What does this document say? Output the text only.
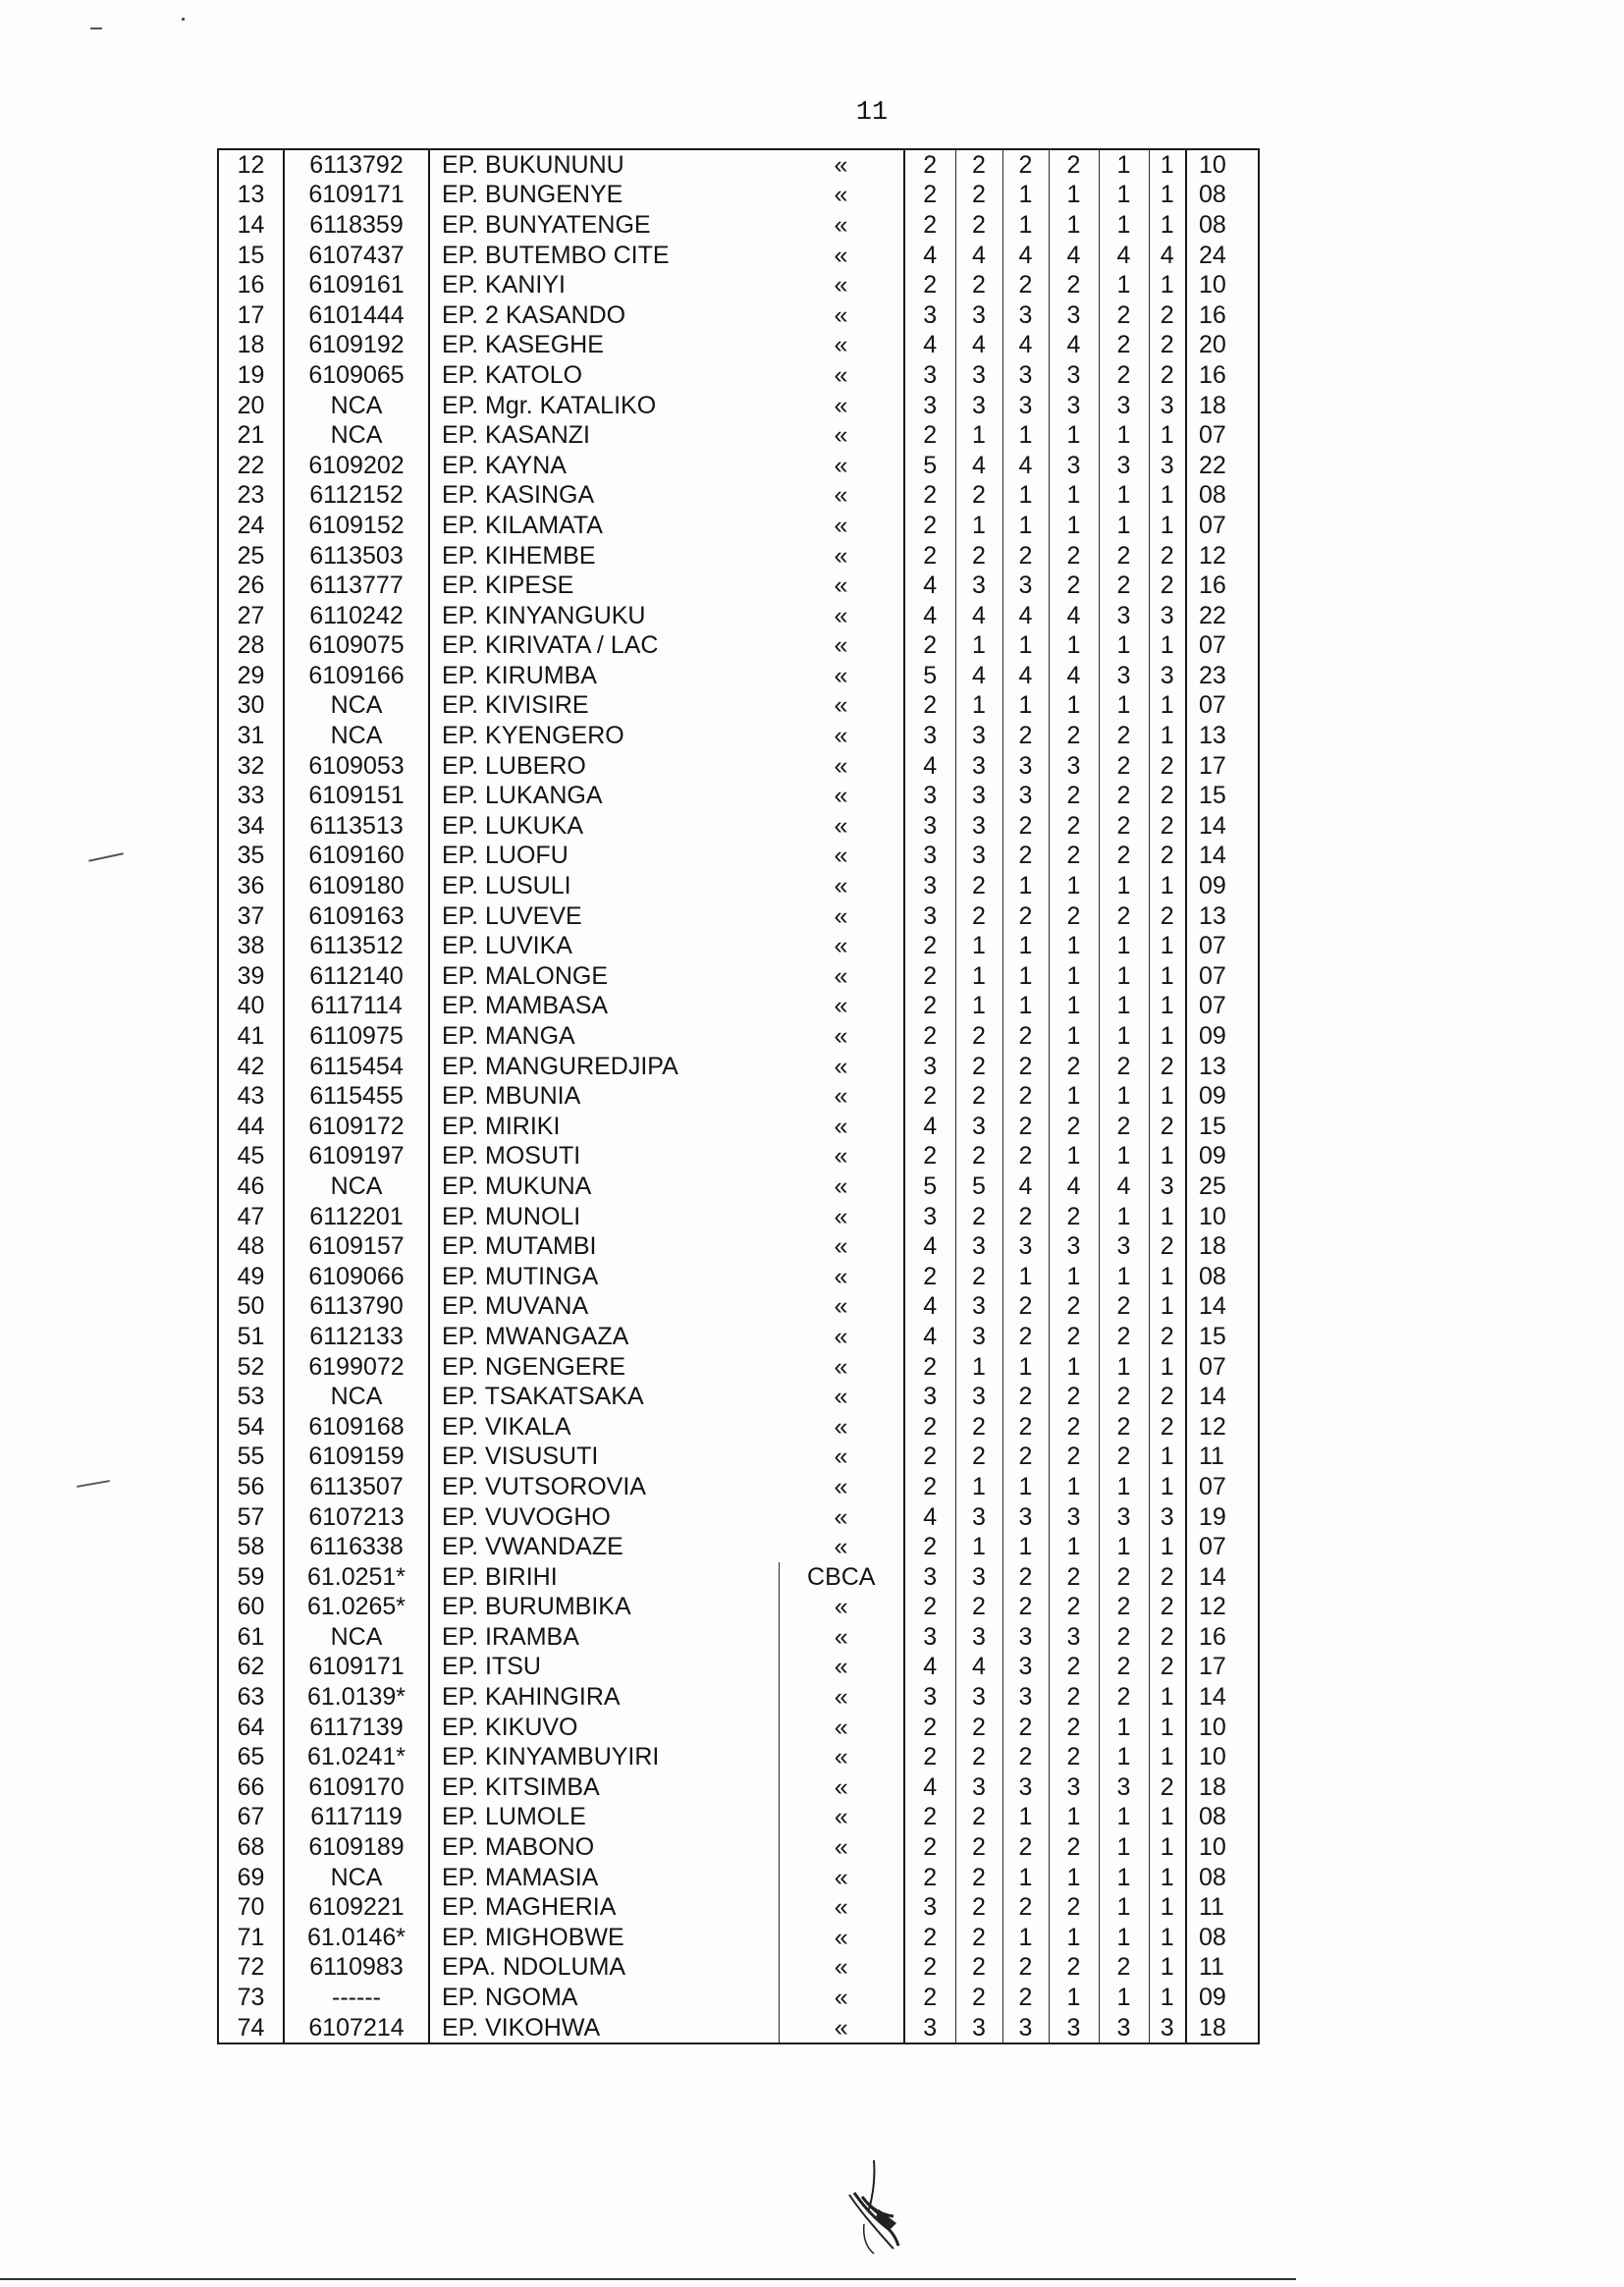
11
12	6113792	EP. BUKUNUNU	«	2	2	2	2	1	1	10
13	6109171	EP. BUNGENYE	«	2	2	1	1	1	1	08
14	6118359	EP. BUNYATENGE	«	2	2	1	1	1	1	08
15	6107437	EP. BUTEMBO CITE	«	4	4	4	4	4	4	24
16	6109161	EP. KANIYI	«	2	2	2	2	1	1	10
17	6101444	EP. 2 KASANDO	«	3	3	3	3	2	2	16
18	6109192	EP. KASEGHE	«	4	4	4	4	2	2	20
19	6109065	EP. KATOLO	«	3	3	3	3	2	2	16
20	NCA	EP. Mgr. KATALIKO	«	3	3	3	3	3	3	18
21	NCA	EP. KASANZI	«	2	1	1	1	1	1	07
22	6109202	EP. KAYNA	«	5	4	4	3	3	3	22
23	6112152	EP. KASINGA	«	2	2	1	1	1	1	08
24	6109152	EP. KILAMATA	«	2	1	1	1	1	1	07
25	6113503	EP. KIHEMBE	«	2	2	2	2	2	2	12
26	6113777	EP. KIPESE	«	4	3	3	2	2	2	16
27	6110242	EP. KINYANGUKU	«	4	4	4	4	3	3	22
28	6109075	EP. KIRIVATA / LAC	«	2	1	1	1	1	1	07
29	6109166	EP. KIRUMBA	«	5	4	4	4	3	3	23
30	NCA	EP. KIVISIRE	«	2	1	1	1	1	1	07
31	NCA	EP. KYENGERO	«	3	3	2	2	2	1	13
32	6109053	EP. LUBERO	«	4	3	3	3	2	2	17
33	6109151	EP. LUKANGA	«	3	3	3	2	2	2	15
34	6113513	EP. LUKUKA	«	3	3	2	2	2	2	14
35	6109160	EP. LUOFU	«	3	3	2	2	2	2	14
36	6109180	EP. LUSULI	«	3	2	1	1	1	1	09
37	6109163	EP. LUVEVE	«	3	2	2	2	2	2	13
38	6113512	EP. LUVIKA	«	2	1	1	1	1	1	07
39	6112140	EP. MALONGE	«	2	1	1	1	1	1	07
40	6117114	EP. MAMBASA	«	2	1	1	1	1	1	07
41	6110975	EP. MANGA	«	2	2	2	1	1	1	09
42	6115454	EP. MANGUREDJIPA	«	3	2	2	2	2	2	13
43	6115455	EP. MBUNIA	«	2	2	2	1	1	1	09
44	6109172	EP. MIRIKI	«	4	3	2	2	2	2	15
45	6109197	EP. MOSUTI	«	2	2	2	1	1	1	09
46	NCA	EP. MUKUNA	«	5	5	4	4	4	3	25
47	6112201	EP. MUNOLI	«	3	2	2	2	1	1	10
48	6109157	EP. MUTAMBI	«	4	3	3	3	3	2	18
49	6109066	EP. MUTINGA	«	2	2	1	1	1	1	08
50	6113790	EP. MUVANA	«	4	3	2	2	2	1	14
51	6112133	EP. MWANGAZA	«	4	3	2	2	2	2	15
52	6199072	EP. NGENGERE	«	2	1	1	1	1	1	07
53	NCA	EP. TSAKATSAKA	«	3	3	2	2	2	2	14
54	6109168	EP. VIKALA	«	2	2	2	2	2	2	12
55	6109159	EP. VISUSUTI	«	2	2	2	2	2	1	11
56	6113507	EP. VUTSOROVIA	«	2	1	1	1	1	1	07
57	6107213	EP. VUVOGHO	«	4	3	3	3	3	3	19
58	6116338	EP. VWANDAZE	«	2	1	1	1	1	1	07
59	61.0251*	EP. BIRIHI	CBCA	3	3	2	2	2	2	14
60	61.0265*	EP. BURUMBIKA	«	2	2	2	2	2	2	12
61	NCA	EP. IRAMBA	«	3	3	3	3	2	2	16
62	6109171	EP. ITSU	«	4	4	3	2	2	2	17
63	61.0139*	EP. KAHINGIRA	«	3	3	3	2	2	1	14
64	6117139	EP. KIKUVO	«	2	2	2	2	1	1	10
65	61.0241*	EP. KINYAMBUYIRI	«	2	2	2	2	1	1	10
66	6109170	EP. KITSIMBA	«	4	3	3	3	3	2	18
67	6117119	EP. LUMOLE	«	2	2	1	1	1	1	08
68	6109189	EP. MABONO	«	2	2	2	2	1	1	10
69	NCA	EP. MAMASIA	«	2	2	1	1	1	1	08
70	6109221	EP. MAGHERIA	«	3	2	2	2	1	1	11
71	61.0146*	EP. MIGHOBWE	«	2	2	1	1	1	1	08
72	6110983	EPA. NDOLUMA	«	2	2	2	2	2	1	11
73	------	EP. NGOMA	«	2	2	2	1	1	1	09
74	6107214	EP. VIKOHWA	«	3	3	3	3	3	3	18
